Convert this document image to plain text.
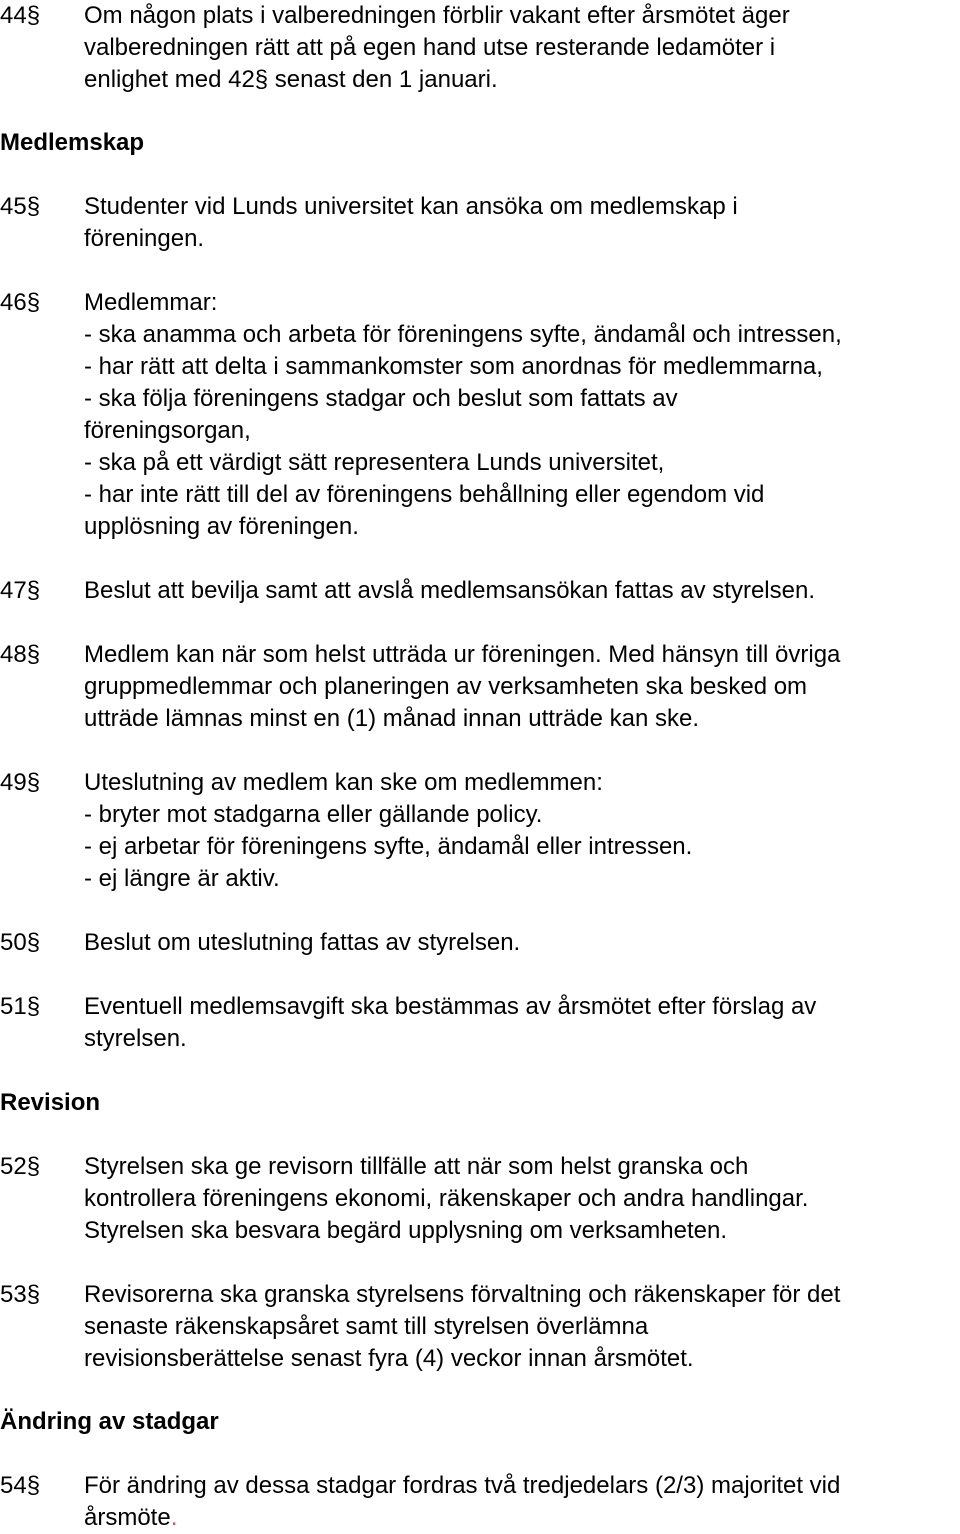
44§	Om någon plats i valberedningen förblir vakant efter årsmötet äger
valberedningen rätt att på egen hand utse resterande ledamöter i
enlighet med 42§ senast den 1 januari.
Medlemskap
45§	Studenter vid Lunds universitet kan ansöka om medlemskap i
föreningen.
46§	Medlemmar:
- ska anamma och arbeta för föreningens syfte, ändamål och intressen,
- har rätt att delta i sammankomster som anordnas för medlemmarna,
- ska följa föreningens stadgar och beslut som fattats av
föreningsorgan,
- ska på ett värdigt sätt representera Lunds universitet,
- har inte rätt till del av föreningens behållning eller egendom vid
upplösning av föreningen.
47§	Beslut att bevilja samt att avslå medlemsansökan fattas av styrelsen.
48§	Medlem kan när som helst utträda ur föreningen. Med hänsyn till övriga
gruppmedlemmar och planeringen av verksamheten ska besked om
utträde lämnas minst en (1) månad innan utträde kan ske.
49§	Uteslutning av medlem kan ske om medlemmen:
- bryter mot stadgarna eller gällande policy.
- ej arbetar för föreningens syfte, ändamål eller intressen.
- ej längre är aktiv.
50§	Beslut om uteslutning fattas av styrelsen.
51§	Eventuell medlemsavgift ska bestämmas av årsmötet efter förslag av
styrelsen.
Revision
52§	Styrelsen ska ge revisorn tillfälle att när som helst granska och
kontrollera föreningens ekonomi, räkenskaper och andra handlingar.
Styrelsen ska besvara begärd upplysning om verksamheten.
53§	Revisorerna ska granska styrelsens förvaltning och räkenskaper för det
senaste räkenskapsåret samt till styrelsen överlämna
revisionsberättelse senast fyra (4) veckor innan årsmötet.
Ändring av stadgar
54§	För ändring av dessa stadgar fordras två tredjedelars (2/3) majoritet vid
årsmöte.
